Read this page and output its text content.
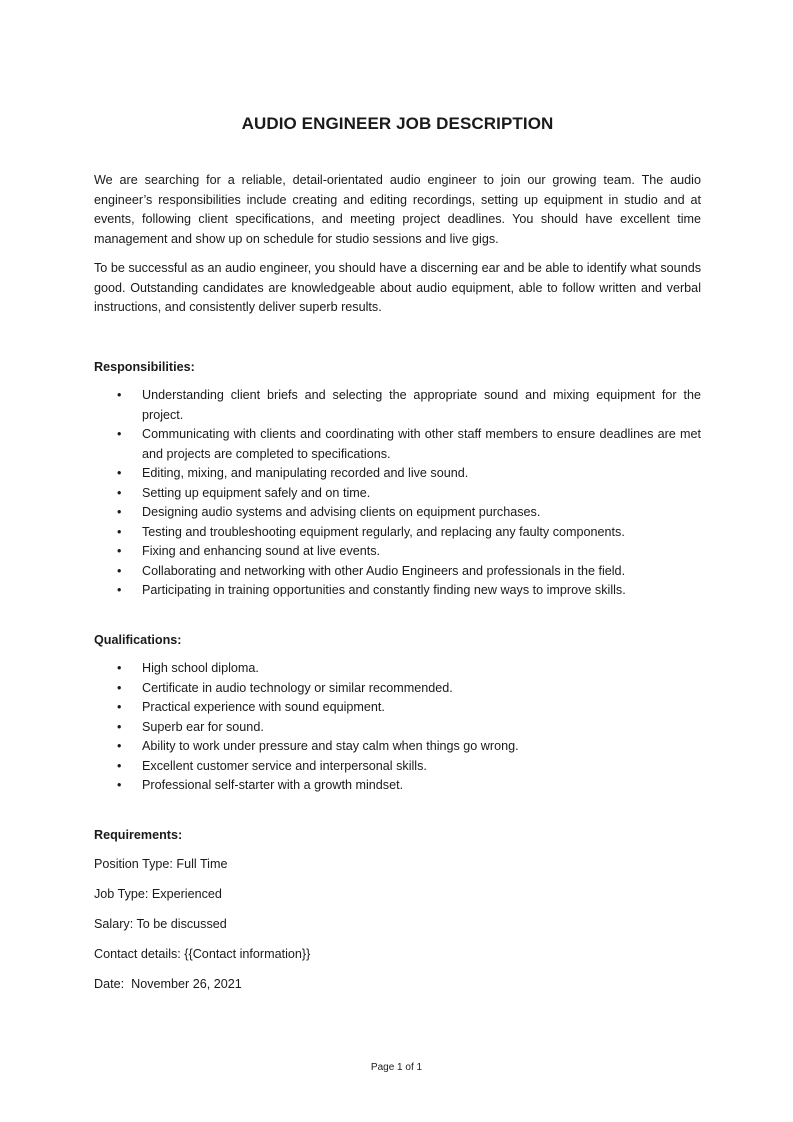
AUDIO ENGINEER JOB DESCRIPTION

We are searching for a reliable, detail-orientated audio engineer to join our growing team. The audio engineer’s responsibilities include creating and editing recordings, setting up equipment in studio and at events, following client specifications, and meeting project deadlines. You should have excellent time management and show up on schedule for studio sessions and live gigs.

To be successful as an audio engineer, you should have a discerning ear and be able to identify what sounds good. Outstanding candidates are knowledgeable about audio equipment, able to follow written and verbal instructions, and consistently deliver superb results.

Responsibilities:

• Understanding client briefs and selecting the appropriate sound and mixing equipment for the project.
• Communicating with clients and coordinating with other staff members to ensure deadlines are met and projects are completed to specifications.
• Editing, mixing, and manipulating recorded and live sound.
• Setting up equipment safely and on time.
• Designing audio systems and advising clients on equipment purchases.
• Testing and troubleshooting equipment regularly, and replacing any faulty components.
• Fixing and enhancing sound at live events.
• Collaborating and networking with other Audio Engineers and professionals in the field.
• Participating in training opportunities and constantly finding new ways to improve skills.

Qualifications:

• High school diploma.
• Certificate in audio technology or similar recommended.
• Practical experience with sound equipment.
• Superb ear for sound.
• Ability to work under pressure and stay calm when things go wrong.
• Excellent customer service and interpersonal skills.
• Professional self-starter with a growth mindset.

Requirements:

Position Type: Full Time

Job Type: Experienced

Salary: To be discussed

Contact details: {{Contact information}}

Date:  November 26, 2021

Page 1 of 1
